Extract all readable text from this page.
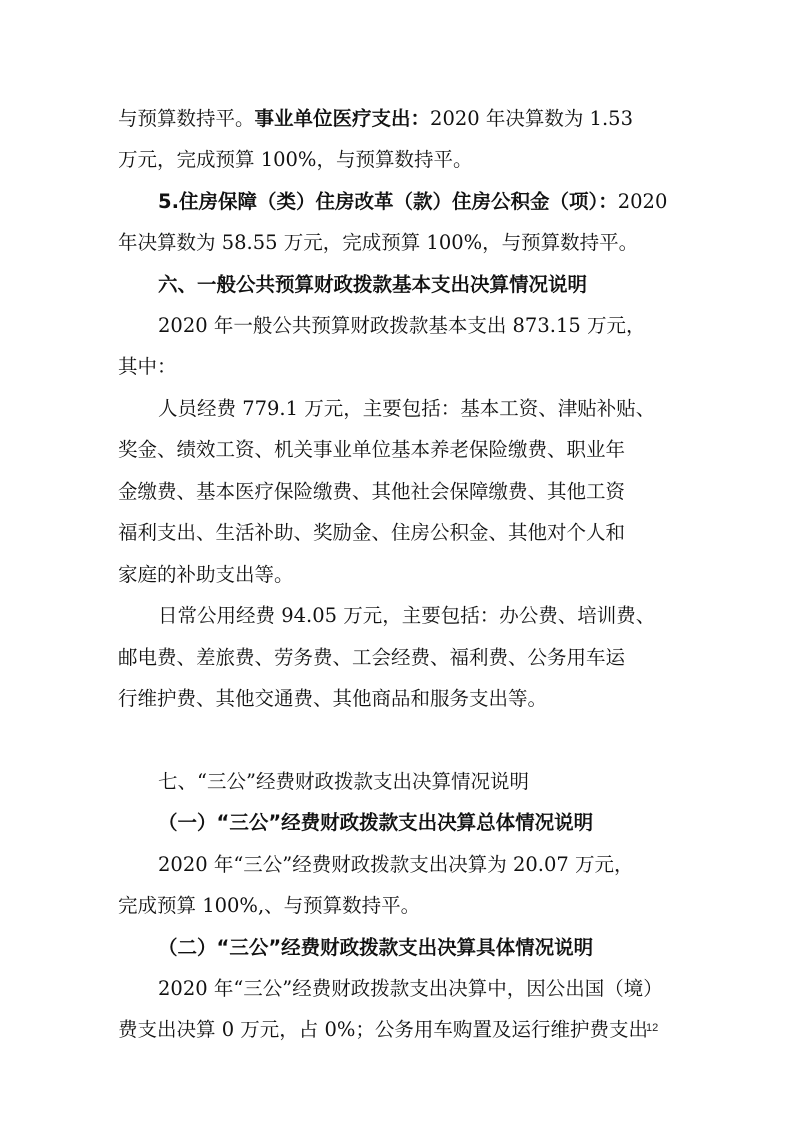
与预算数持平。事业单位医疗支出：2020 年决算数为 1.53
万元，完成预算 100%，与预算数持平。
5.住房保障（类）住房改革（款）住房公积金（项）：2020
年决算数为 58.55 万元，完成预算 100%，与预算数持平。
六、一般公共预算财政拨款基本支出决算情况说明
2020 年一般公共预算财政拨款基本支出 873.15 万元，
其中：
人员经费 779.1 万元，主要包括：基本工资、津贴补贴、
奖金、绩效工资、机关事业单位基本养老保险缴费、职业年
金缴费、基本医疗保险缴费、其他社会保障缴费、其他工资
福利支出、生活补助、奖励金、住房公积金、其他对个人和
家庭的补助支出等。
日常公用经费 94.05 万元，主要包括：办公费、培训费、
邮电费、差旅费、劳务费、工会经费、福利费、公务用车运
行维护费、其他交通费、其他商品和服务支出等。
七、“三公”经费财政拨款支出决算情况说明
（一）“三公”经费财政拨款支出决算总体情况说明
2020 年“三公”经费财政拨款支出决算为 20.07 万元，
完成预算 100%,、与预算数持平。
（二）“三公”经费财政拨款支出决算具体情况说明
2020 年“三公”经费财政拨款支出决算中，因公出国（境）
费支出决算 0 万元，占 0%；公务用车购置及运行维护费支出
12
